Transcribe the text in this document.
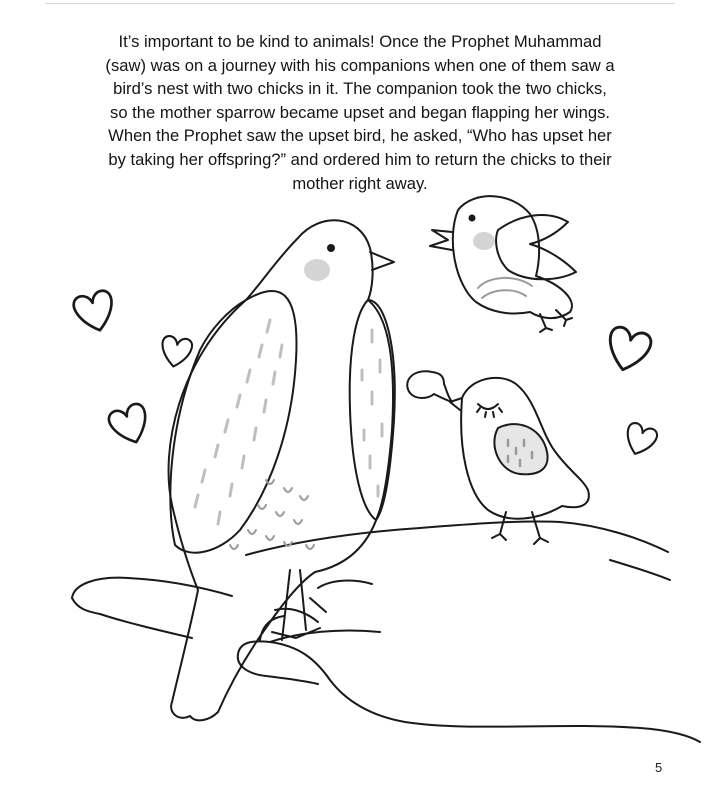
It’s important to be kind to animals! Once the Prophet Muhammad
(saw) was on a journey with his companions when one of them saw a
bird’s nest with two chicks in it. The companion took the two chicks,
so the mother sparrow became upset and began flapping her wings.
When the Prophet saw the upset bird, he asked, “Who has upset her
by taking her offspring?” and ordered him to return the chicks to their
mother right away.

5
